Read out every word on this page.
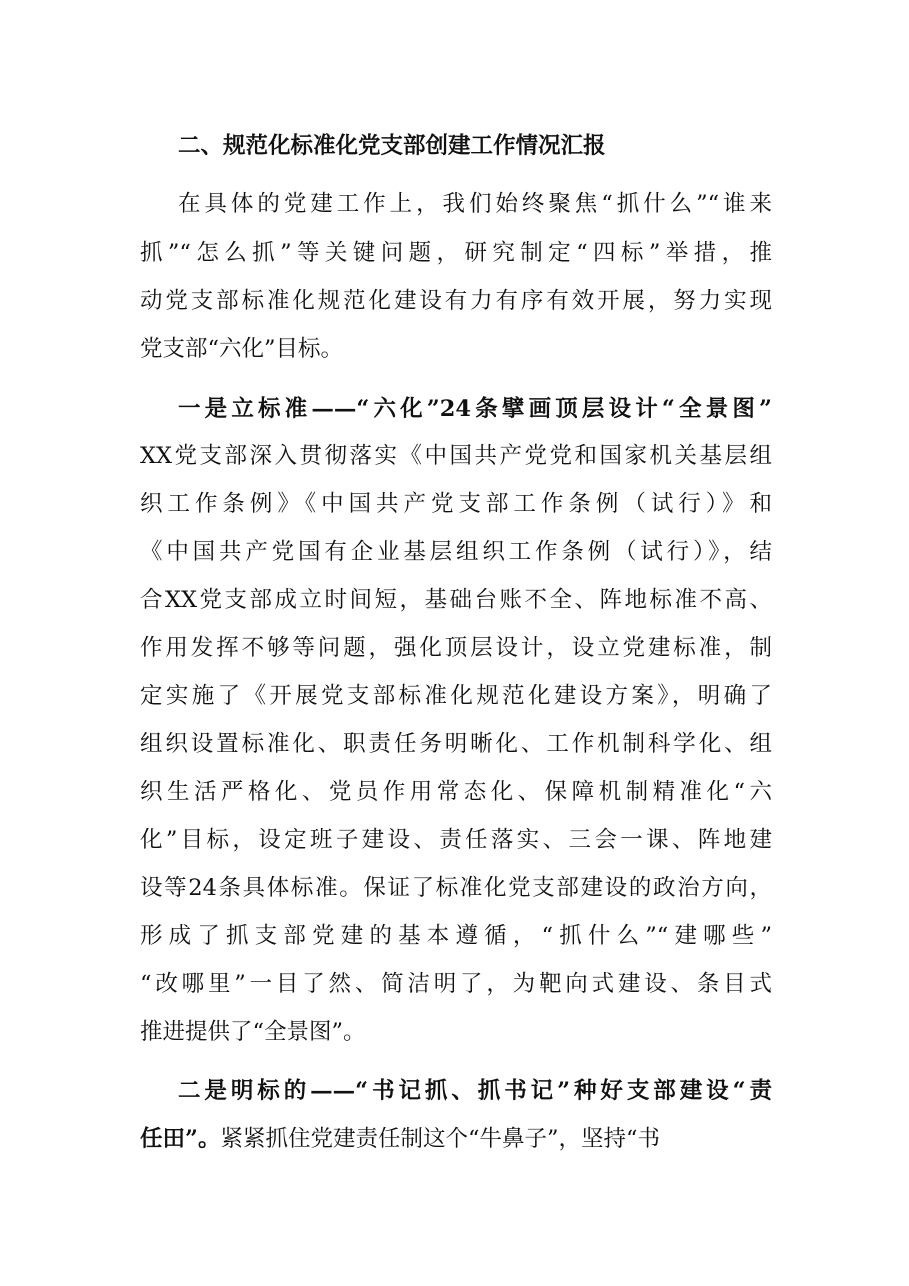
二、规范化标准化党支部创建工作情况汇报
在具体的党建工作上，我们始终聚焦“抓什么”“谁来
抓”“怎么抓”等关键问题，研究制定“四标”举措，推
动党支部标准化规范化建设有力有序有效开展，努力实现
党支部“六化”目标。
一是立标准——“六化”24条擘画顶层设计“全景图”
XX党支部深入贯彻落实《中国共产党党和国家机关基层组
织工作条例》《中国共产党支部工作条例（试行）》和
《中国共产党国有企业基层组织工作条例（试行）》，结
合XX党支部成立时间短，基础台账不全、阵地标准不高、
作用发挥不够等问题，强化顶层设计，设立党建标准，制
定实施了《开展党支部标准化规范化建设方案》，明确了
组织设置标准化、职责任务明晰化、工作机制科学化、组
织生活严格化、党员作用常态化、保障机制精准化“六
化”目标，设定班子建设、责任落实、三会一课、阵地建
设等24条具体标准。保证了标准化党支部建设的政治方向，
形成了抓支部党建的基本遵循，“抓什么”“建哪些”
“改哪里”一目了然、简洁明了，为靶向式建设、条目式
推进提供了“全景图”。
二是明标的——“书记抓、抓书记”种好支部建设“责
任田”。紧紧抓住党建责任制这个“牛鼻子”，坚持“书
